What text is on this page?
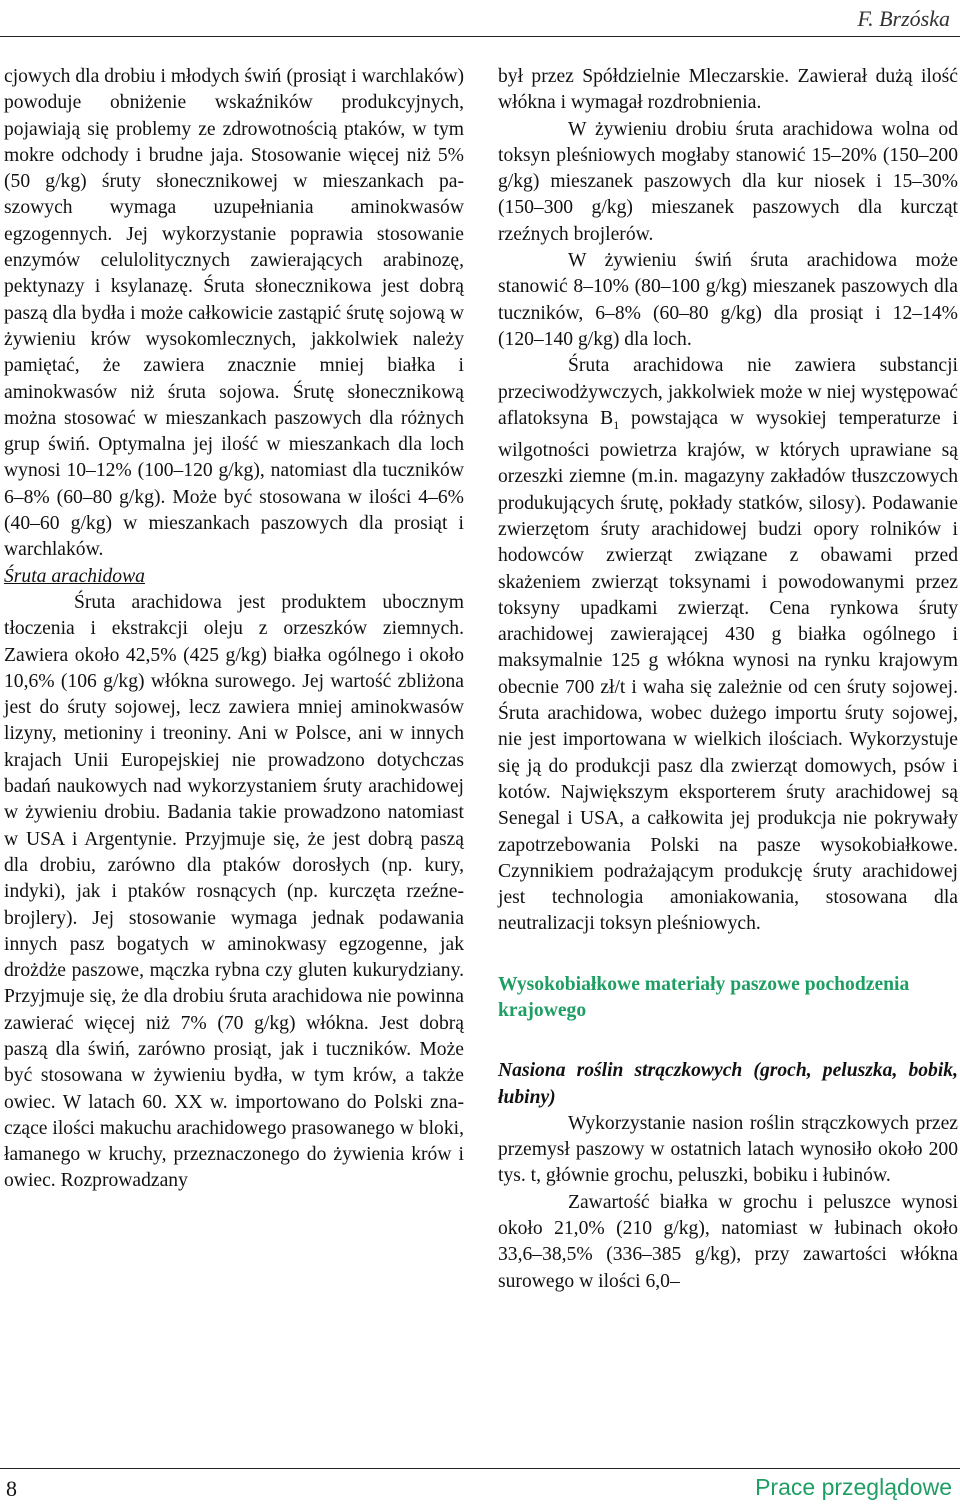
F. Brzóska

cjowych dla drobiu i młodych świń (prosiąt i warchlaków) powoduje obniżenie wskaźników produkcyjnych, pojawiają się problemy ze zdrowotnością ptaków, w tym mokre odchody i brudne jaja. Stosowanie więcej niż 5% (50 g/kg) śruty słonecznikowej w mieszankach paszowych wymaga uzupełniania aminokwasów egzogennych. Jej wykorzystanie poprawia stosowanie enzymów celulolitycznych zawierających arabinozę, pektynazy i ksylanazę. Śruta słonecznikowa jest dobrą paszą dla bydła i może całkowicie zastąpić śrutę sojową w żywieniu krów wysokomlecznych, jakkolwiek należy pamiętać, że zawiera znacznie mniej białka i aminokwasów niż śruta sojowa. Śrutę słonecznikową można stosować w mieszankach paszowych dla różnych grup świń. Optymalna jej ilość w mieszankach dla loch wynosi 10–12% (100–120 g/kg), natomiast dla tuczników 6–8% (60–80 g/kg). Może być stosowana w ilości 4–6% (40–60 g/kg) w mieszankach paszowych dla prosiąt i warchlaków.

Śruta arachidowa

Śruta arachidowa jest produktem ubocznym tłoczenia i ekstrakcji oleju z orzeszków ziemnych. Zawiera około 42,5% (425 g/kg) białka ogólnego i około 10,6% (106 g/kg) włókna surowego. Jej wartość zbliżona jest do śruty sojowej, lecz zawiera mniej aminokwasów lizyny, metioniny i treoniny. Ani w Polsce, ani w innych krajach Unii Europejskiej nie prowadzono dotychczas badań naukowych nad wykorzystaniem śruty arachidowej w żywieniu drobiu. Badania takie prowadzono natomiast w USA i Argentynie. Przyjmuje się, że jest dobrą paszą dla drobiu, zarówno dla ptaków dorosłych (np. kury, indyki), jak i ptaków rosnących (np. kurczęta rzeźne-brojlery). Jej stosowanie wymaga jednak podawania innych pasz bogatych w aminokwasy egzogenne, jak drożdże paszowe, mączka rybna czy gluten kukurydziany. Przyjmuje się, że dla drobiu śruta arachidowa nie powinna zawierać więcej niż 7% (70 g/kg) włókna. Jest dobrą paszą dla świń, zarówno prosiąt, jak i tuczników. Może być stosowana w żywieniu bydła, w tym krów, a także owiec. W latach 60. XX w. importowano do Polski znaczące ilości makuchu arachidowego prasowanego w bloki, łamanego w kruchy, przeznaczonego do żywienia krów i owiec. Rozprowadzany

był przez Spółdzielnie Mleczarskie. Zawierał dużą ilość włókna i wymagał rozdrobnienia.

W żywieniu drobiu śruta arachidowa wolna od toksyn pleśniowych mogłaby stanowić 15–20% (150–200 g/kg) mieszanek paszowych dla kur niosek i 15–30% (150–300 g/kg) mieszanek paszowych dla kurcząt rzeźnych brojlerów.

W żywieniu świń śruta arachidowa może stanowić 8–10% (80–100 g/kg) mieszanek paszowych dla tuczników, 6–8% (60–80 g/kg) dla prosiąt i 12–14% (120–140 g/kg) dla loch.

Śruta arachidowa nie zawiera substancji przeciwodżywczych, jakkolwiek może w niej występować aflatoksyna $B_1$ powstająca w wysokiej temperaturze i wilgotności powietrza krajów, w których uprawiane są orzeszki ziemne (m.in. magazyny zakładów tłuszczowych produkujących śrutę, pokłady statków, silosy). Podawanie zwierzętom śruty arachidowej budzi opory rolników i hodowców zwierząt związane z obawami przed skażeniem zwierząt toksynami i powodowanymi przez toksyny upadkami zwierząt. Cena rynkowa śruty arachidowej zawierającej 430 g białka ogólnego i maksymalnie 125 g włókna wynosi na rynku krajowym obecnie 700 zł/t i waha się zależnie od cen śruty sojowej. Śruta arachidowa, wobec dużego importu śruty sojowej, nie jest importowana w wielkich ilościach. Wykorzystuje się ją do produkcji pasz dla zwierząt domowych, psów i kotów. Największym eksporterem śruty arachidowej są Senegal i USA, a całkowita jej produkcja nie pokrywały zapotrzebowania Polski na pasze wysokobiałkowe. Czynnikiem podrażającym produkcję śruty arachidowej jest technologia amoniakowania, stosowana dla neutralizacji toksyn pleśniowych.

Wysokobiałkowe materiały paszowe pochodzenia krajowego

Nasiona roślin strączkowych (groch, peluszka, bobik, łubiny)

Wykorzystanie nasion roślin strączkowych przez przemysł paszowy w ostatnich latach wynosiło około 200 tys. t, głównie grochu, peluszki, bobiku i łubinów.

Zawartość białka w grochu i peluszce wynosi około 21,0% (210 g/kg), natomiast w łubinach około 33,6–38,5% (336–385 g/kg), przy zawartości włókna surowego w ilości 6,0–

8	Prace przeglądowe
